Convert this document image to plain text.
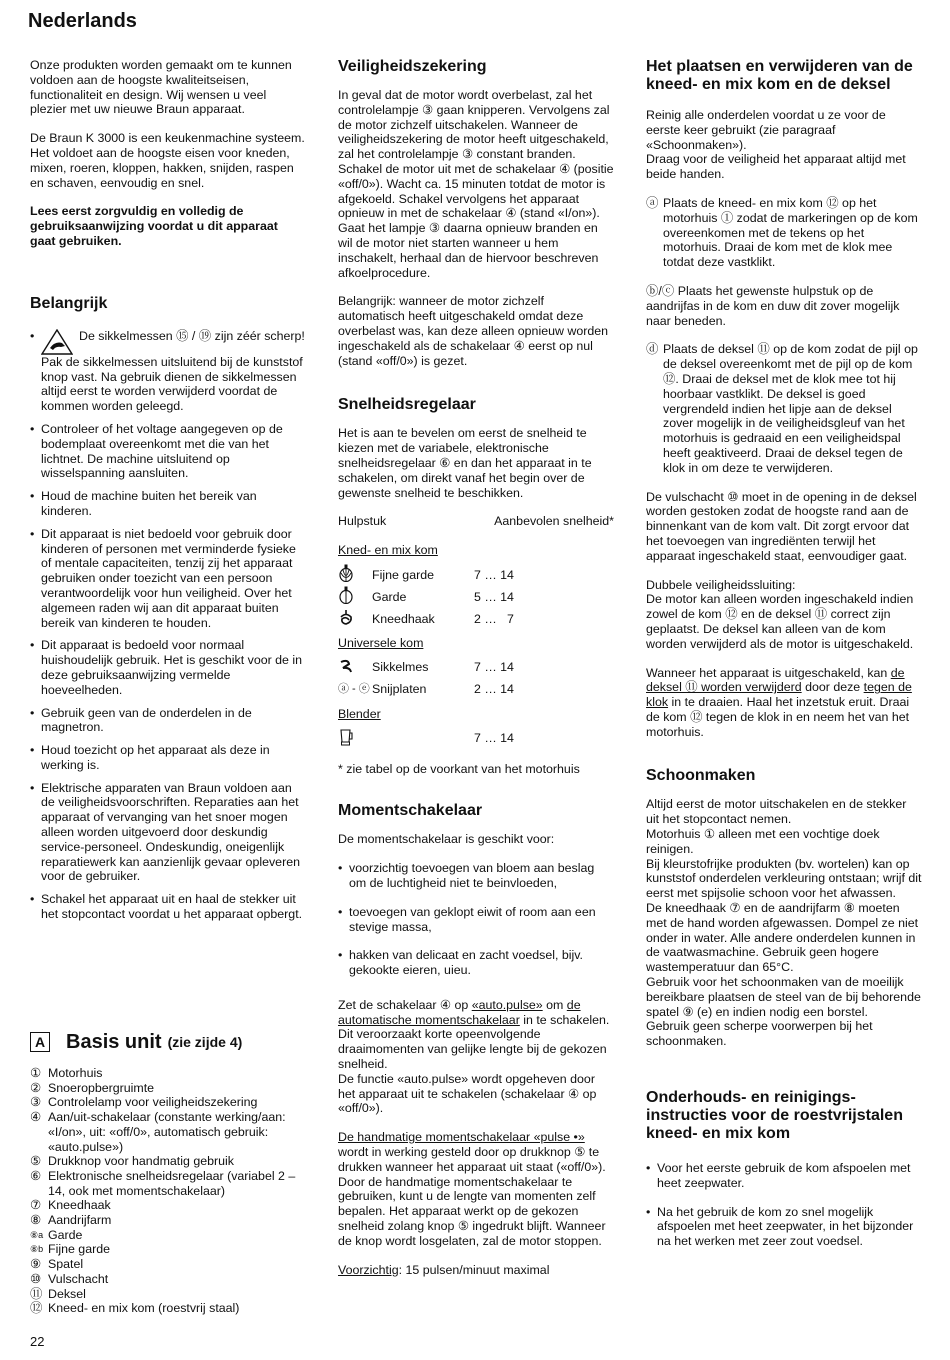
Nederlands

Onze produkten worden gemaakt om te kunnen voldoen aan de hoogste kwaliteitseisen, functionaliteit en design. Wij wensen u veel plezier met uw nieuwe Braun apparaat.

De Braun K 3000 is een keukenmachine systeem. Het voldoet aan de hoogste eisen voor kneden, mixen, roeren, kloppen, hakken, snijden, raspen en schaven, eenvoudig en snel.

Lees eerst zorgvuldig en volledig de gebruiksaanwijzing voordat u dit apparaat gaat gebruiken.

Belangrijk
• De sikkelmessen ⑮ / ⑲ zijn zéér scherp!
Pak de sikkelmessen uitsluitend bij de kunststof knop vast. Na gebruik dienen de sikkelmessen altijd eerst te worden verwijderd voordat de kommen worden geleegd.
• Controleer of het voltage aangegeven op de bodemplaat overeenkomt met die van het lichtnet. De machine uitsluitend op wisselspanning aansluiten.
• Houd de machine buiten het bereik van kinderen.
• Dit apparaat is niet bedoeld voor gebruik door kinderen of personen met verminderde fysieke of mentale capaciteiten, tenzij zij het apparaat gebruiken onder toezicht van een persoon verantwoordelijk voor hun veiligheid. Over het algemeen raden wij aan dit apparaat buiten bereik van kinderen te houden.
• Dit apparaat is bedoeld voor normaal huishoudelijk gebruik. Het is geschikt voor de in deze gebruiksaanwijzing vermelde hoeveelheden.
• Gebruik geen van de onderdelen in de magnetron.
• Houd toezicht op het apparaat als deze in werking is.
• Elektrische apparaten van Braun voldoen aan de veiligheidsvoorschriften. Reparaties aan het apparaat of vervanging van het snoer mogen alleen worden uitgevoerd door deskundig service-personeel. Ondeskundig, oneigenlijk reparatiewerk kan aanzienlijk gevaar opleveren voor de gebruiker.
• Schakel het apparaat uit en haal de stekker uit het stopcontact voordat u het apparaat opbergt.
A Basis unit (zie zijde 4)
① Motorhuis
② Snoeropbergruimte
③ Controlelamp voor veiligheidszekering
④ Aan/uit-schakelaar (constante werking/aan: «I/on», uit: «off/0», automatisch gebruik: «auto.pulse»)
⑤ Drukknop voor handmatig gebruik
⑥ Elektronische snelheidsregelaar (variabel 2 – 14, ook met momentschakelaar)
⑦ Kneedhaak
⑧ Aandrijfarm
⑧a Garde
⑧b Fijne garde
⑨ Spatel
⑩ Vulschacht
⑪ Deksel
⑫ Kneed- en mix kom (roestvrij staal)
Veiligheidszekering

In geval dat de motor wordt overbelast, zal het controlelampje ③ gaan knipperen. Vervolgens zal de motor zichzelf uitschakelen. Wanneer de veiligheidszekering de motor heeft uitgeschakeld, zal het controlelampje ③ constant branden. Schakel de motor uit met de schakelaar ④ (positie «off/0»). Wacht ca. 15 minuten totdat de motor is afgekoeld. Schakel vervolgens het apparaat opnieuw in met de schakelaar ④ (stand «I/on»). Gaat het lampje ③ daarna opnieuw branden en wil de motor niet starten wanneer u hem inschakelt, herhaal dan de hiervoor beschreven afkoelprocedure.

Belangrijk: wanneer de motor zichzelf automatisch heeft uitgeschakeld omdat deze overbelast was, kan deze alleen opnieuw worden ingeschakeld als de schakelaar ④ eerst op nul (stand «off/0») is gezet.

Snelheidsregelaar

Het is aan te bevelen om eerst de snelheid te kiezen met de variabele, elektronische snelheidsregelaar ⑥ en dan het apparaat in te schakelen, om direkt vanaf het begin over de gewenste snelheid te beschikken.

Hulpstuk	Aanbevolen snelheid*
Kned- en mix kom
Fijne garde	7 … 14
Garde	5 … 14
Kneedhaak	2 …   7
Universele kom
Sikkelmes	7 … 14
ⓐ - ⓔ Snijplaten	2 … 14
Blender
7 … 14

* zie tabel op de voorkant van het motorhuis

Momentschakelaar

De momentschakelaar is geschikt voor:

• voorzichtig toevoegen van bloem aan beslag om de luchtigheid niet te beinvloeden,
• toevoegen van geklopt eiwit of room aan een stevige massa,
• hakken van delicaat en zacht voedsel, bijv. gekookte eieren, uieu.

Zet de schakelaar ④ op «auto.pulse» om de automatische momentschakelaar in te schakelen. Dit veroorzaakt korte opeenvolgende draaimomenten van gelijke lengte bij de gekozen snelheid.

De functie «auto.pulse» wordt opgeheven door het apparaat uit te schakelen (schakelaar ④ op «off/0»).

De handmatige momentschakelaar «pulse •» wordt in werking gesteld door op drukknop ⑤ te drukken wanneer het apparaat uit staat («off/0»). Door de handmatige momentschakelaar te gebruiken, kunt u de lengte van momenten zelf bepalen. Het apparaat werkt op de gekozen snelheid zolang knop ⑤ ingedrukt blijft. Wanneer de knop wordt losgelaten, zal de motor stoppen.

Voorzichtig: 15 pulsen/minuut maximal

Het plaatsen en verwijderen van de kneed- en mix kom en de deksel

Reinig alle onderdelen voordat u ze voor de eerste keer gebruikt (zie paragraaf «Schoonmaken»).
Draag voor de veiligheid het apparaat altijd met beide handen.

ⓐ Plaats de kneed- en mix kom ⑫ op het motorhuis ① zodat de markeringen op de kom overeenkomen met de tekens op het motorhuis. Draai de kom met de klok mee totdat deze vastklikt.
ⓑ/ⓒ Plaats het gewenste hulpstuk op de aandrijfas in de kom en duw dit zover mogelijk naar beneden.
ⓓ Plaats de deksel ⑪ op de kom zodat de pijl op de deksel overeenkomt met de pijl op de kom ⑫. Draai de deksel met de klok mee tot hij hoorbaar vastklikt. De deksel is goed vergrendeld indien het lipje aan de deksel zover mogelijk in de veiligheidsgleuf van het motorhuis is gedraaid en een veiligheidspal heeft geaktiveerd. Draai de deksel tegen de klok in om deze te verwijderen.

De vulschacht ⑩ moet in de opening in de deksel worden gestoken zodat de hoogste rand aan de binnenkant van de kom valt. Dit zorgt ervoor dat het toevoegen van ingrediënten terwijl het apparaat ingeschakeld staat, eenvoudiger gaat.

Dubbele veiligheidssluiting:
De motor kan alleen worden ingeschakeld indien zowel de kom ⑫ en de deksel ⑪ correct zijn geplaatst. De deksel kan alleen van de kom worden verwijderd als de motor is uitgeschakeld.

Wanneer het apparaat is uitgeschakeld, kan de deksel ⑪ worden verwijderd door deze tegen de klok in te draaien. Haal het inzetstuk eruit. Draai de kom ⑫ tegen de klok in en neem het van het motorhuis.

Schoonmaken

Altijd eerst de motor uitschakelen en de stekker uit het stopcontact nemen.
Motorhuis ① alleen met een vochtige doek reinigen.
Bij kleurstofrijke produkten (bv. wortelen) kan op kunststof onderdelen verkleuring ontstaan; wrijf dit eerst met spijsolie schoon voor het afwassen.
De kneedhaak ⑦ en de aandrijfarm ⑧ moeten met de hand worden afgewassen. Dompel ze niet onder in water. Alle andere onderdelen kunnen in de vaatwasmachine. Gebruik geen hogere wastemperatuur dan 65°C.
Gebruik voor het schoonmaken van de moeilijk bereikbare plaatsen de steel van de bij behorende spatel ⑨ (e) en indien nodig een borstel.
Gebruik geen scherpe voorwerpen bij het schoonmaken.

Onderhouds- en reinigings-instructies voor de roestvrijstalen kneed- en mix kom
• Voor het eerste gebruik de kom afspoelen met heet zeepwater.
• Na het gebruik de kom zo snel mogelijk afspoelen met heet zeepwater, in het bijzonder na het werken met zeer zout voedsel.
22
